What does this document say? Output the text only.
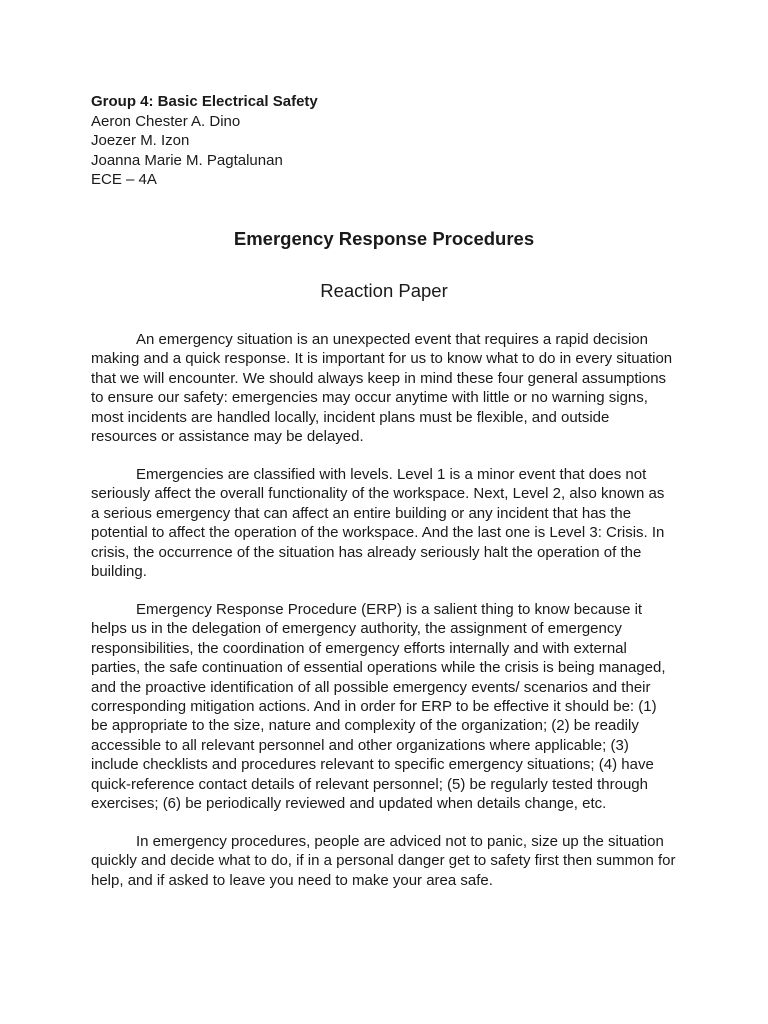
Group 4: Basic Electrical Safety
Aeron Chester A. Dino
Joezer M. Izon
Joanna Marie M. Pagtalunan
ECE – 4A
Emergency Response Procedures
Reaction Paper
An emergency situation is an unexpected event that requires a rapid decision
making and a quick response. It is important for us to know what to do in every situation
that we will encounter. We should always keep in mind these four general assumptions
to ensure our safety: emergencies may occur anytime with little or no warning signs,
most incidents are handled locally, incident plans must be flexible, and outside
resources or assistance may be delayed.
Emergencies are classified with levels. Level 1 is a minor event that does not
seriously affect the overall functionality of the workspace. Next, Level 2, also known as
a serious emergency that can affect an entire building or any incident that has the
potential to affect the operation of the workspace. And the last one is Level 3: Crisis. In
crisis, the occurrence of the situation has already seriously halt the operation of the
building.
Emergency Response Procedure (ERP) is a salient thing to know because it
helps us in the delegation of emergency authority, the assignment of emergency
responsibilities, the coordination of emergency efforts internally and with external
parties, the safe continuation of essential operations while the crisis is being managed,
and the proactive identification of all possible emergency events/ scenarios and their
corresponding mitigation actions. And in order for ERP to be effective it should be: (1)
be appropriate to the size, nature and complexity of the organization; (2) be readily
accessible to all relevant personnel and other organizations where applicable; (3)
include checklists and procedures relevant to specific emergency situations; (4) have
quick-reference contact details of relevant personnel; (5) be regularly tested through
exercises; (6) be periodically reviewed and updated when details change, etc.
In emergency procedures, people are adviced not to panic, size up the situation
quickly and decide what to do, if in a personal danger get to safety first then summon for
help, and if asked to leave you need to make your area safe.
